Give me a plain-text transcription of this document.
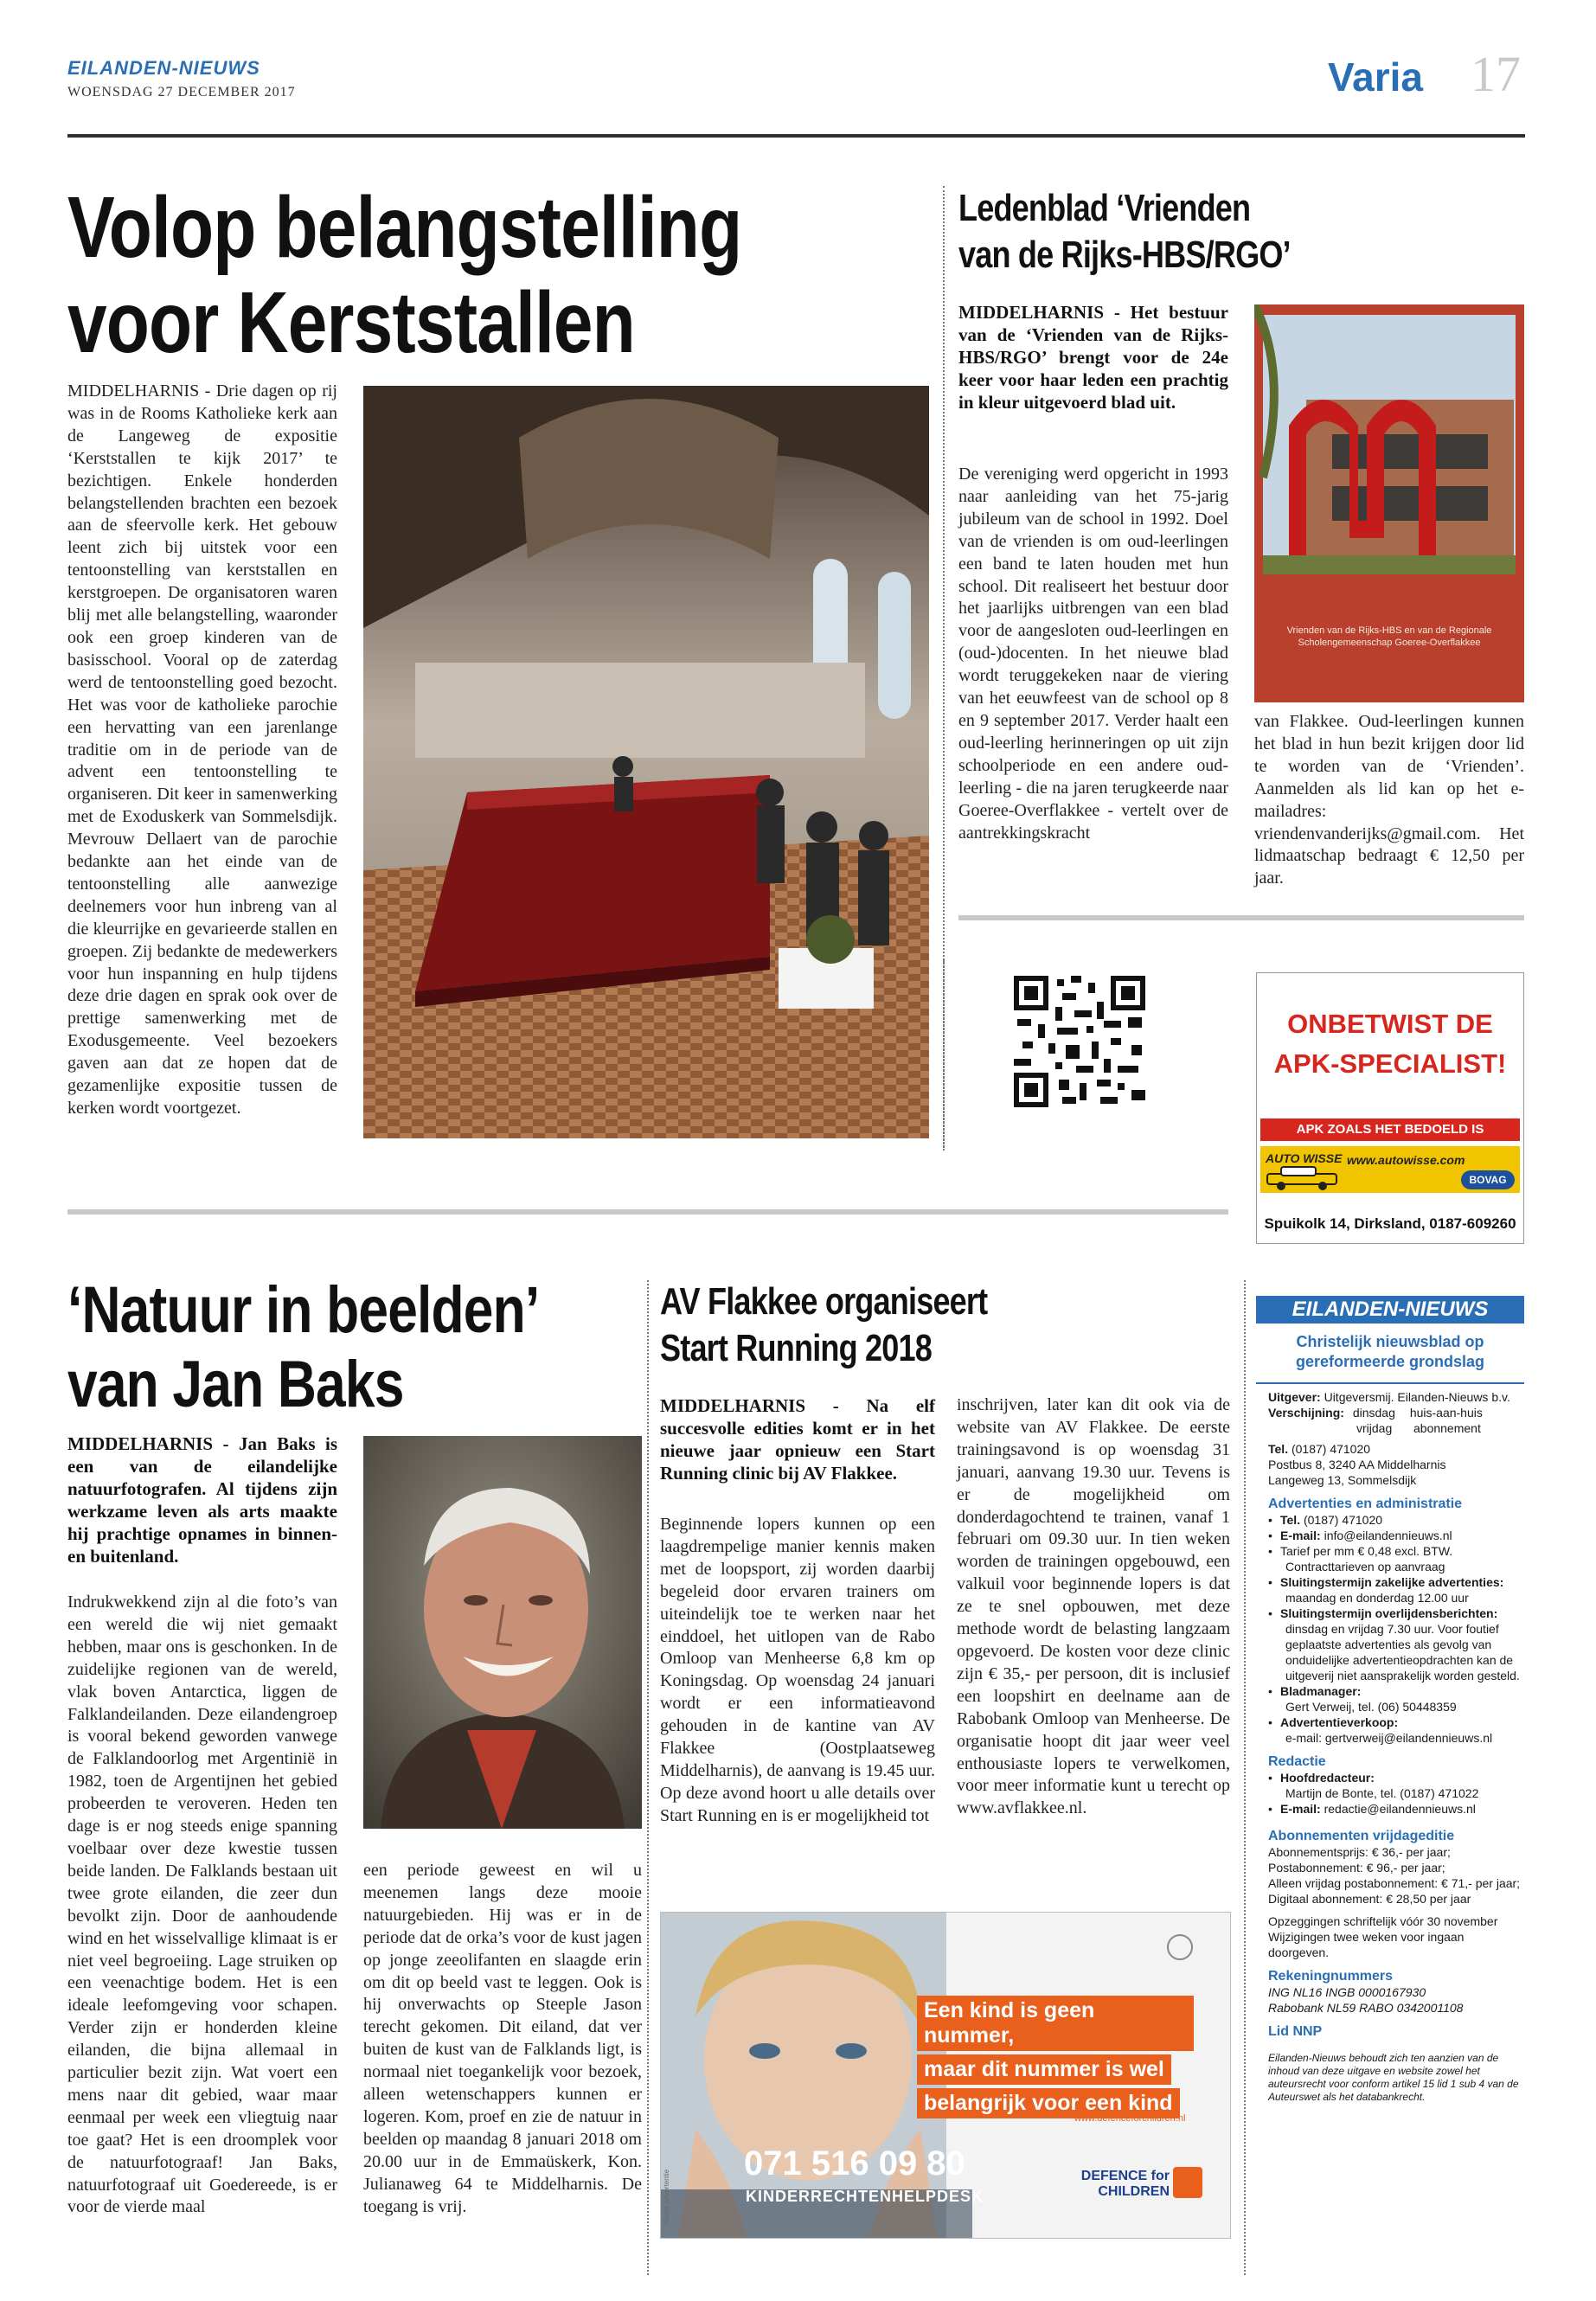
EILANDEN-NIEUWS
WOENSDAG 27 DECEMBER 2017	Varia 17
Volop belangstelling
voor Kerststallen
MIDDELHARNIS - Drie dagen op rij was in de Rooms Katholieke kerk aan de Langeweg de expositie ‘Kerststallen te kijk 2017’ te bezichtigen. Enkele honderden belangstellenden brachten een bezoek aan de sfeervolle kerk. Het gebouw leent zich bij uitstek voor een tentoonstelling van kerststallen en kerstgroepen. De organisatoren waren blij met alle belangstelling, waaronder ook een groep kinderen van de basisschool. Vooral op de zaterdag werd de tentoonstelling goed bezocht. Het was voor de katholieke parochie een hervatting van een jarenlange traditie om in de periode van de advent een tentoonstelling te organiseren. Dit keer in samenwerking met de Exoduskerk van Sommelsdijk. Mevrouw Dellaert van de parochie bedankte aan het einde van de tentoonstelling alle aanwezige deelnemers voor hun inbreng van al die kleurrijke en gevarieerde stallen en groepen. Zij bedankte de medewerkers voor hun inspanning en hulp tijdens deze drie dagen en sprak ook over de prettige samenwerking met de Exodusgemeente. Veel bezoekers gaven aan dat ze hopen dat de gezamenlijke expositie tussen de kerken wordt voortgezet.
Ledenblad ‘Vrienden
van de Rijks-HBS/RGO’
MIDDELHARNIS - Het bestuur van de ‘Vrienden van de Rijks-HBS/RGO’ brengt voor de 24e keer voor haar leden een prachtig in kleur uitgevoerd blad uit.
De vereniging werd opgericht in 1993 naar aanleiding van het 75-jarig jubileum van de school in 1992. Doel van de vrienden is om oud-leerlingen een band te laten houden met hun school. Dit realiseert het bestuur door het jaarlijks uitbrengen van een blad voor de aangesloten oud-leerlingen en (oud-)docenten. In het nieuwe blad wordt teruggekeken naar de viering van het eeuwfeest van de school op 8 en 9 september 2017. Verder haalt een oud-leerling herinneringen op uit zijn schoolperiode en een andere oud-leerling - die na jaren terugkeerde naar Goeree-Overflakkee - vertelt over de aantrekkingskracht
Vrienden van de Rijks-HBS en van de Regionale Scholengemeenschap Goeree-Overflakkee
van Flakkee. Oud-leerlingen kunnen het blad in hun bezit krijgen door lid te worden van de ‘Vrienden’. Aanmelden als lid kan op het e-mailadres: vriendenvanderijks@gmail.com. Het lidmaatschap bedraagt € 12,50 per jaar.
ONBETWIST DE
APK-SPECIALIST!
APK ZOALS HET BEDOELD IS
AUTO WISSE www.autowisse.com
BOVAG
Spuikolk 14, Dirksland, 0187-609260
‘Natuur in beelden’
van Jan Baks
MIDDELHARNIS - Jan Baks is een van de eilandelijke natuurfotografen. Al tijdens zijn werkzame leven als arts maakte hij prachtige opnames in binnen- en buitenland.
Indrukwekkend zijn al die foto’s van een wereld die wij niet gemaakt hebben, maar ons is geschonken. In de zuidelijke regionen van de wereld, vlak boven Antarctica, liggen de Falklandeilanden. Deze eilandengroep is vooral bekend geworden vanwege de Falklandoorlog met Argentinië in 1982, toen de Argentijnen het gebied probeerden te veroveren. Heden ten dage is er nog steeds enige spanning voelbaar over deze kwestie tussen beide landen. De Falklands bestaan uit twee grote eilanden, die zeer dun bevolkt zijn. Door de aanhoudende wind en het wisselvallige klimaat is er niet veel begroeiing. Lage struiken op een veenachtige bodem. Het is een ideale leefomgeving voor schapen. Verder zijn er honderden kleine eilanden, die bijna allemaal in particulier bezit zijn. Wat voert een mens naar dit gebied, waar maar eenmaal per week een vliegtuig naar toe gaat? Het is een droomplek voor de natuurfotograaf! Jan Baks, natuurfotograaf uit Goedereede, is er voor de vierde maal
een periode geweest en wil u meenemen langs deze mooie natuurgebieden. Hij was er in de periode dat de orka’s voor de kust jagen op jonge zeeolifanten en slaagde erin om dit op beeld vast te leggen. Ook is hij onverwachts op Steeple Jason terecht gekomen. Dit eiland, dat ver buiten de kust van de Falklands ligt, is normaal niet toegankelijk voor bezoek, alleen wetenschappers kunnen er logeren. Kom, proef en zie de natuur in beelden op maandag 8 januari 2018 om 20.00 uur in de Emmaüskerk, Kon. Julianaweg 64 te Middelharnis. De toegang is vrij.
AV Flakkee organiseert
Start Running 2018
MIDDELHARNIS - Na elf succesvolle edities komt er in het nieuwe jaar opnieuw een Start Running clinic bij AV Flakkee.
Beginnende lopers kunnen op een laagdrempelige manier kennis maken met de loopsport, zij worden daarbij begeleid door ervaren trainers om uiteindelijk toe te werken naar het einddoel, het uitlopen van de Rabo Omloop van Menheerse 6,8 km op Koningsdag. Op woensdag 24 januari wordt er een informatieavond gehouden in de kantine van AV Flakkee (Oostplaatseweg Middelharnis), de aanvang is 19.45 uur. Op deze avond hoort u alle details over Start Running en is er mogelijkheid tot
inschrijven, later kan dit ook via de website van AV Flakkee. De eerste trainingsavond is op woensdag 31 januari, aanvang 19.30 uur. Tevens is er de mogelijkheid om donderdagochtend te trainen, vanaf 1 februari om 09.30 uur. In tien weken worden de trainingen opgebouwd, een valkuil voor beginnende lopers is dat ze te snel opbouwen, met deze methode wordt de belasting langzaam opgevoerd. De kosten voor deze clinic zijn € 35,- per persoon, dit is inclusief een loopshirt en deelname aan de Rabobank Omloop van Menheerse. De organisatie hoopt dit jaar weer veel enthousiaste lopers te verwelkomen, voor meer informatie kunt u terecht op www.avflakkee.nl.
Een kind is geen nummer, maar dit nummer is wel belangrijk voor een kind
www.defenceforchildren.nl
071 516 09 80
KINDERRECHTENHELPDESK
DEFENCE for
CHILDREN
Gratis advertentie
EILANDEN-NIEUWS
Christelijk nieuwsblad op
gereformeerde grondslag
Uitgever: Uitgeversmij. Eilanden-Nieuws b.v.
Verschijning: dinsdag huis-aan-huis
vrijdag abonnement
Tel. (0187) 471020
Postbus 8, 3240 AA Middelharnis
Langeweg 13, Sommelsdijk
Advertenties en administratie
• Tel. (0187) 471020
• E-mail: info@eilandennieuws.nl
• Tarief per mm € 0,48 excl. BTW.
Contracttarieven op aanvraag
• Sluitingstermijn zakelijke advertenties:
maandag en donderdag 12.00 uur
• Sluitingstermijn overlijdensberichten:
dinsdag en vrijdag 7.30 uur. Voor foutief geplaatste advertenties als gevolg van onduidelijke advertentieopdrachten kan de uitgeverij niet aansprakelijk worden gesteld.
• Bladmanager:
Gert Verweij, tel. (06) 50448359
• Advertentieverkoop:
e-mail: gertverweij@eilandennieuws.nl
Redactie
• Hoofdredacteur:
Martijn de Bonte, tel. (0187) 471022
• E-mail: redactie@eilandennieuws.nl
Abonnementen vrijdageditie
Abonnementsprijs: € 36,- per jaar;
Postabonnement: € 96,- per jaar;
Alleen vrijdag postabonnement: € 71,- per jaar;
Digitaal abonnement: € 28,50 per jaar
Opzeggingen schriftelijk vóór 30 november
Wijzigingen twee weken voor ingaan doorgeven.
Rekeningnummers
ING NL16 INGB 0000167930
Rabobank NL59 RABO 0342001108
Lid NNP
Eilanden-Nieuws behoudt zich ten aanzien van de inhoud van deze uitgave en website zowel het auteursrecht voor conform artikel 15 lid 1 sub 4 van de Auteurswet als het databankrecht.
